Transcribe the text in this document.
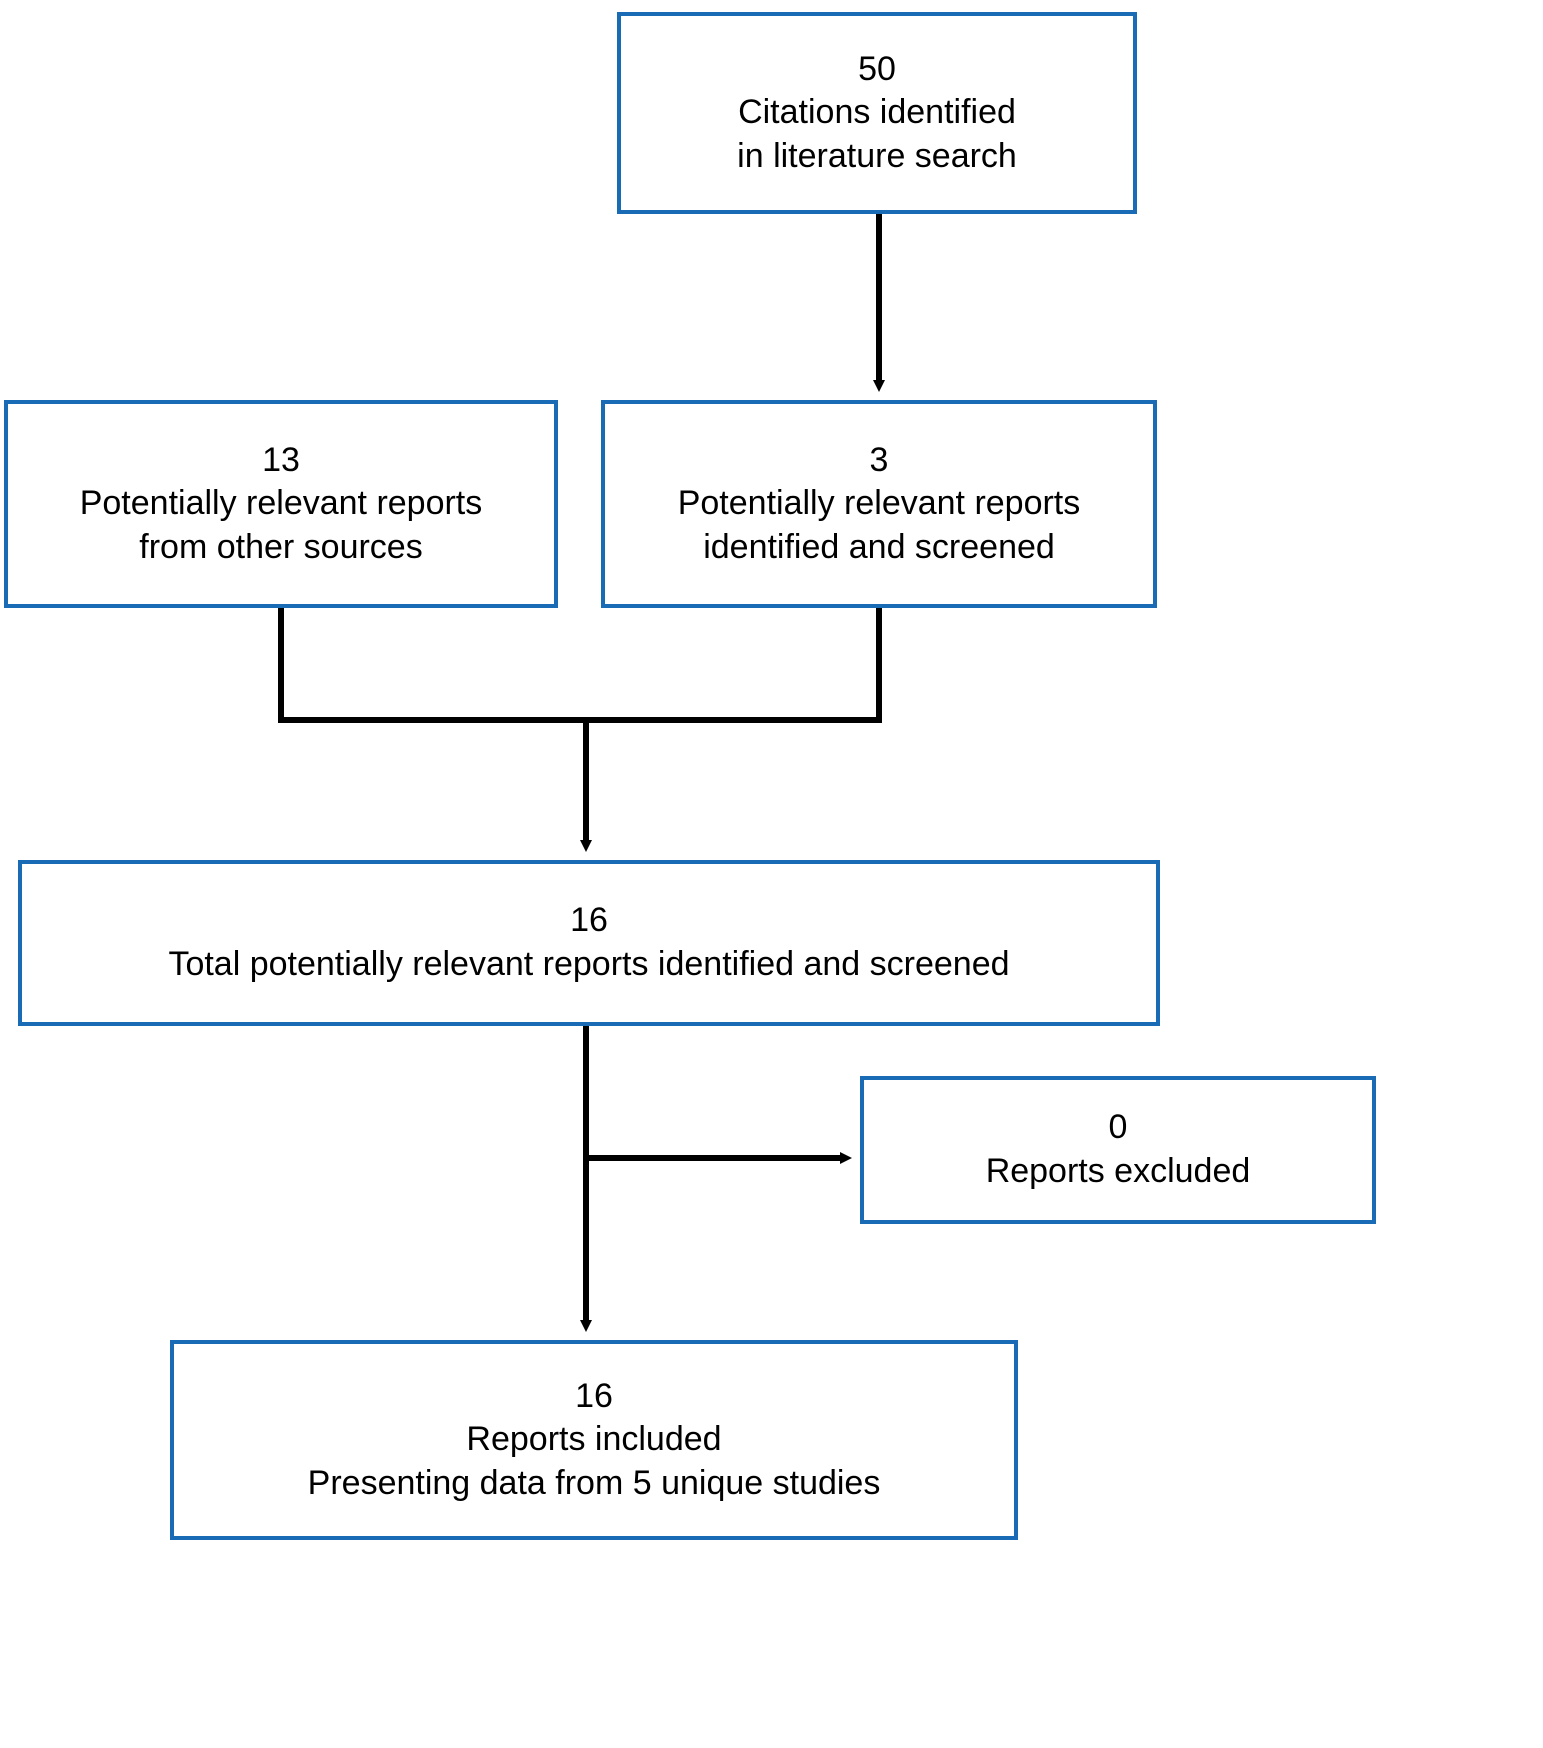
50
Citations identified
in literature search
13
Potentially relevant reports
from other sources
3
Potentially relevant reports
identified and screened
16
Total potentially relevant reports identified and screened
0
Reports excluded
16
Reports included
Presenting data from 5 unique studies
